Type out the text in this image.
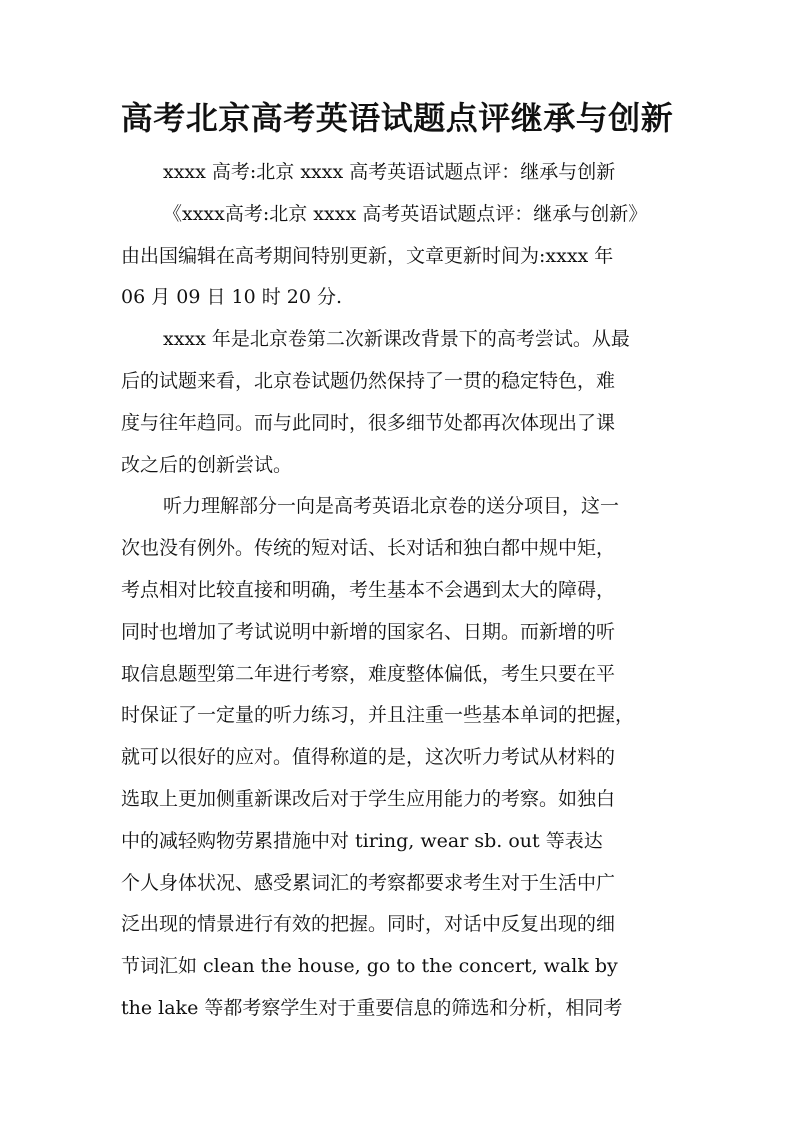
高考北京高考英语试题点评继承与创新
xxxx 高考:北京 xxxx 高考英语试题点评：继承与创新
《xxxx高考:北京 xxxx 高考英语试题点评：继承与创新》
由出国编辑在高考期间特别更新，文章更新时间为:xxxx 年
06 月 09 日 10 时 20 分.
xxxx 年是北京卷第二次新课改背景下的高考尝试。从最
后的试题来看，北京卷试题仍然保持了一贯的稳定特色，难
度与往年趋同。而与此同时，很多细节处都再次体现出了课
改之后的创新尝试。
听力理解部分一向是高考英语北京卷的送分项目，这一
次也没有例外。传统的短对话、长对话和独白都中规中矩，
考点相对比较直接和明确，考生基本不会遇到太大的障碍，
同时也增加了考试说明中新增的国家名、日期。而新增的听
取信息题型第二年进行考察，难度整体偏低，考生只要在平
时保证了一定量的听力练习，并且注重一些基本单词的把握，
就可以很好的应对。值得称道的是，这次听力考试从材料的
选取上更加侧重新课改后对于学生应用能力的考察。如独白
中的减轻购物劳累措施中对 tiring, wear sb. out 等表达
个人身体状况、感受累词汇的考察都要求考生对于生活中广
泛出现的情景进行有效的把握。同时，对话中反复出现的细
节词汇如 clean the house, go to the concert, walk by
the lake 等都考察学生对于重要信息的筛选和分析，相同考
